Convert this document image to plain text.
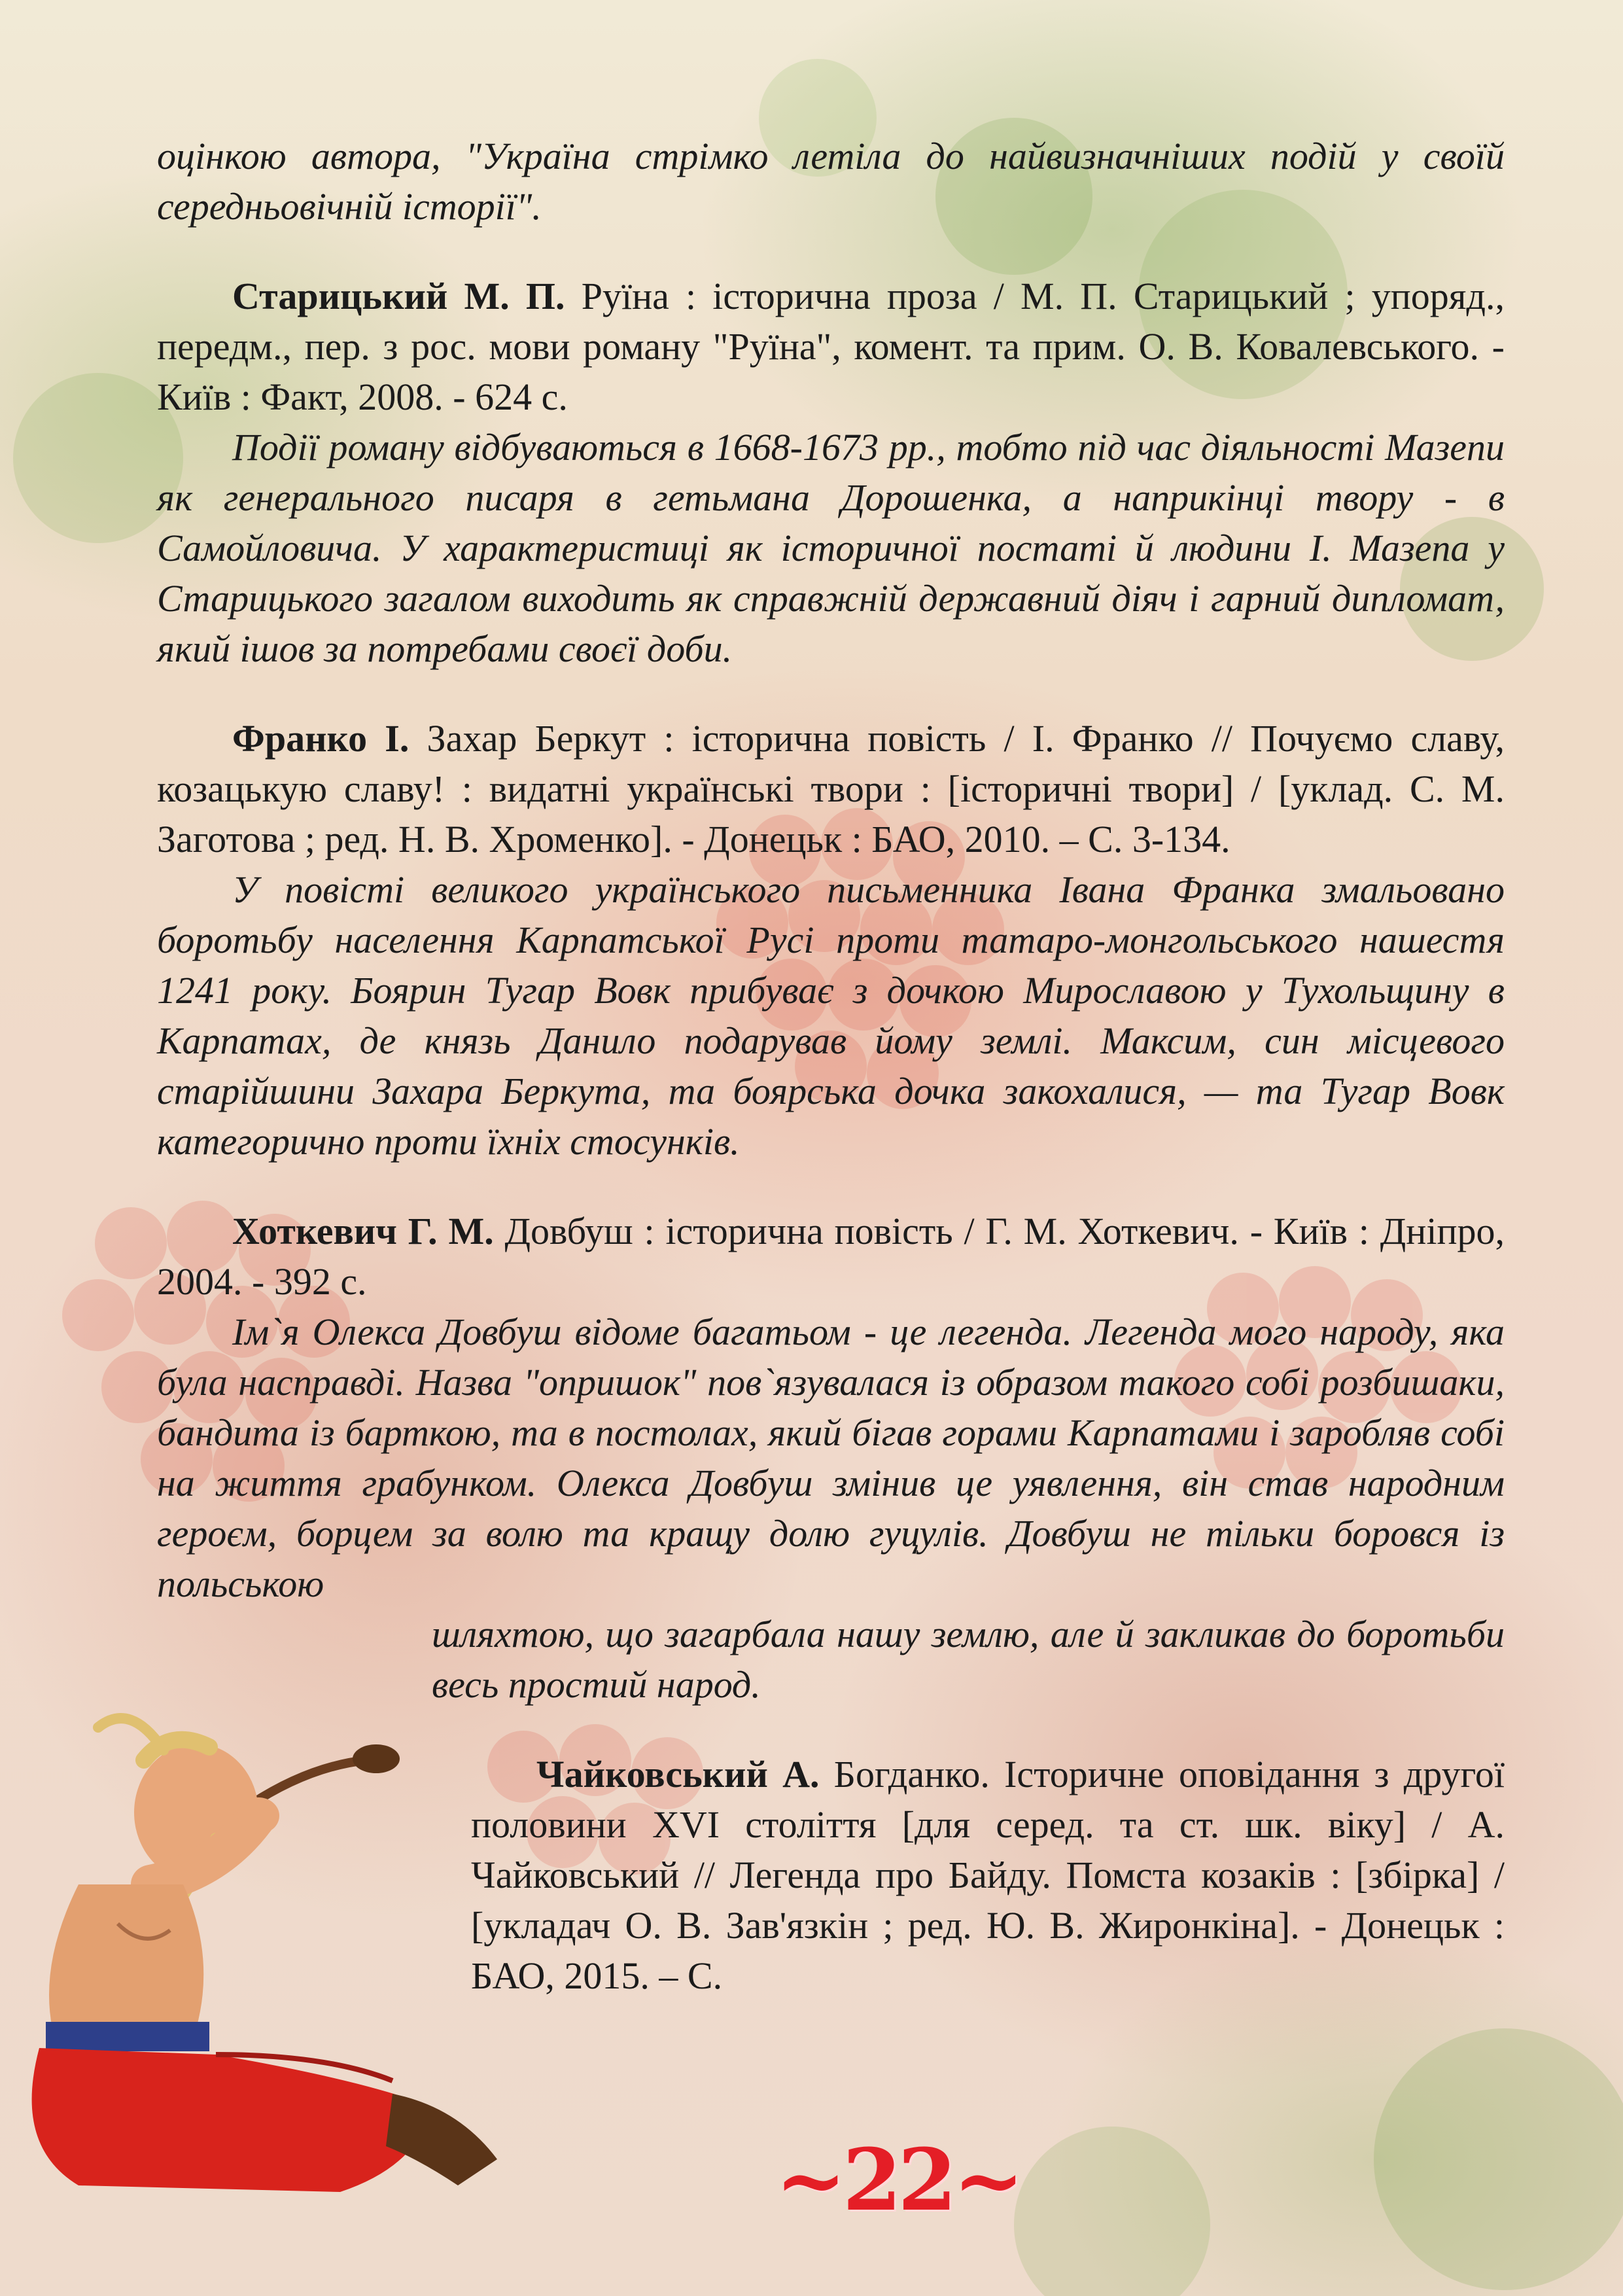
оцінкою автора, "Україна стрімко летіла до найвизначніших подій у своїй середньовічній історії".

Старицький М. П. Руїна : історична проза / М. П. Старицький ; упоряд., передм., пер. з рос. мови роману "Руїна", комент. та прим. О. В. Ковалевського. - Київ : Факт, 2008. - 624 с.

Події роману відбуваються в 1668-1673 рр., тобто під час діяльності Мазепи як генерального писаря в гетьмана Дорошенка, а наприкінці твору - в Самойловича. У характеристиці як історичної постаті й людини І. Мазепа у Старицького загалом виходить як справжній державний діяч і гарний дипломат, який ішов за потребами своєї доби.

Франко І. Захар Беркут : історична повість / І. Франко // Почуємо славу, козацькую славу! : видатні українські твори : [історичні твори] / [уклад. С. М. Заготова ; ред. Н. В. Хроменко]. - Донецьк : БАО, 2010. – С. 3-134.

У повісті великого українського письменника Івана Франка змальовано боротьбу населення Карпатської Русі проти татаро-монгольського нашестя 1241 року. Боярин Тугар Вовк прибуває з дочкою Мирославою у Тухольщину в Карпатах, де князь Данило подарував йому землі. Максим, син місцевого старійшини Захара Беркута, та боярська дочка закохалися, — та Тугар Вовк категорично проти їхніх стосунків.

Хоткевич Г. М. Довбуш : історична повість / Г. М. Хоткевич. - Київ : Дніпро, 2004. - 392 с.

Ім`я Олекса Довбуш відоме багатьом - це легенда. Легенда мого народу, яка була насправді. Назва "опришок" пов`язувалася із образом такого собі розбишаки, бандита із барткою, та в постолах, який бігав горами Карпатами і заробляв собі на життя грабунком. Олекса Довбуш змінив це уявлення, він став народним героєм, борцем за волю та кращу долю гуцулів. Довбуш не тільки боровся із польською

шляхтою, що загарбала нашу землю, але й закликав до боротьби весь простий народ.

Чайковський А. Богданко. Історичне оповідання з другої половини XVI століття [для серед. та ст. шк. віку] / А. Чайковський // Легенда про Байду. Помста козаків : [збірка] / [укладач О. В. Зав'язкін ; ред. Ю. В. Жиронкіна]. - Донецьк : БАО, 2015. – С.

~22~
